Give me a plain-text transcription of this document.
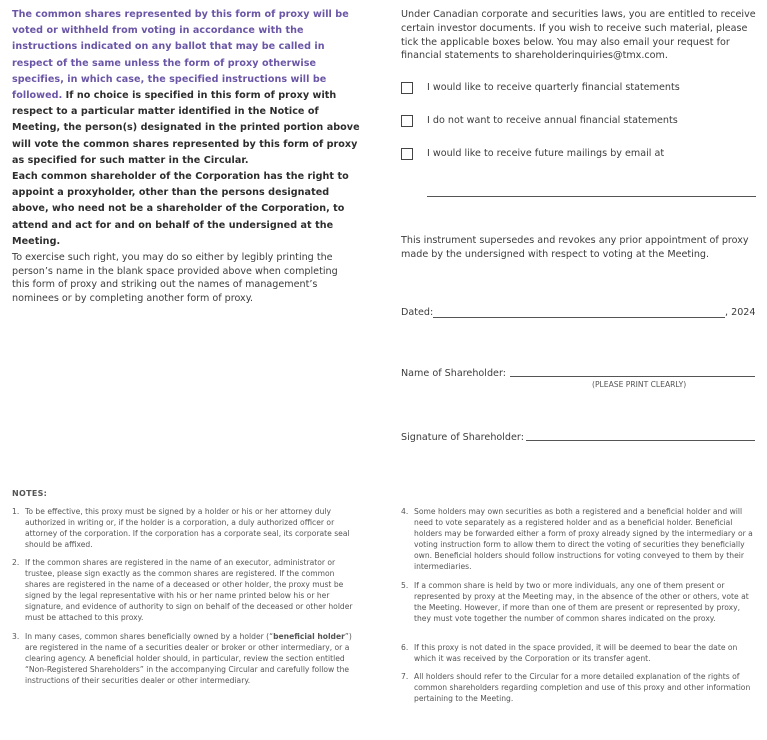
The common shares represented by this form of proxy will be voted or withheld from voting in accordance with the instructions indicated on any ballot that may be called in respect of the same unless the form of proxy otherwise specifies, in which case, the specified instructions will be followed. If no choice is specified in this form of proxy with respect to a particular matter identified in the Notice of Meeting, the person(s) designated in the printed portion above will vote the common shares represented by this form of proxy as specified for such matter in the Circular.

Each common shareholder of the Corporation has the right to appoint a proxyholder, other than the persons designated above, who need not be a shareholder of the Corporation, to attend and act for and on behalf of the undersigned at the Meeting.

To exercise such right, you may do so either by legibly printing the person’s name in the blank space provided above when completing this form of proxy and striking out the names of management’s nominees or by completing another form of proxy.

Under Canadian corporate and securities laws, you are entitled to receive certain investor documents. If you wish to receive such material, please tick the applicable boxes below. You may also email your request for financial statements to shareholderinquiries@tmx.com.
I would like to receive quarterly financial statements
I do not want to receive annual financial statements
I would like to receive future mailings by email at
This instrument supersedes and revokes any prior appointment of proxy made by the undersigned with respect to voting at the Meeting.
Dated:	, 2024
Name of Shareholder:
(PLEASE PRINT CLEARLY)
Signature of Shareholder:
NOTES:
1. To be effective, this proxy must be signed by a holder or his or her attorney duly authorized in writing or, if the holder is a corporation, a duly authorized officer or attorney of the corporation. If the corporation has a corporate seal, its corporate seal should be affixed.
2. If the common shares are registered in the name of an executor, administrator or trustee, please sign exactly as the common shares are registered. If the common shares are registered in the name of a deceased or other holder, the proxy must be signed by the legal representative with his or her name printed below his or her signature, and evidence of authority to sign on behalf of the deceased or other holder must be attached to this proxy.
3. In many cases, common shares beneficially owned by a holder (“beneficial holder”) are registered in the name of a securities dealer or broker or other intermediary, or a clearing agency. A beneficial holder should, in particular, review the section entitled “Non-Registered Shareholders” in the accompanying Circular and carefully follow the instructions of their securities dealer or other intermediary.
4. Some holders may own securities as both a registered and a beneficial holder and will need to vote separately as a registered holder and as a beneficial holder. Beneficial holders may be forwarded either a form of proxy already signed by the intermediary or a voting instruction form to allow them to direct the voting of securities they beneficially own. Beneficial holders should follow instructions for voting conveyed to them by their intermediaries.
5. If a common share is held by two or more individuals, any one of them present or represented by proxy at the Meeting may, in the absence of the other or others, vote at the Meeting. However, if more than one of them are present or represented by proxy, they must vote together the number of common shares indicated on the proxy.
6. If this proxy is not dated in the space provided, it will be deemed to bear the date on which it was received by the Corporation or its transfer agent.
7. All holders should refer to the Circular for a more detailed explanation of the rights of common shareholders regarding completion and use of this proxy and other information pertaining to the Meeting.
